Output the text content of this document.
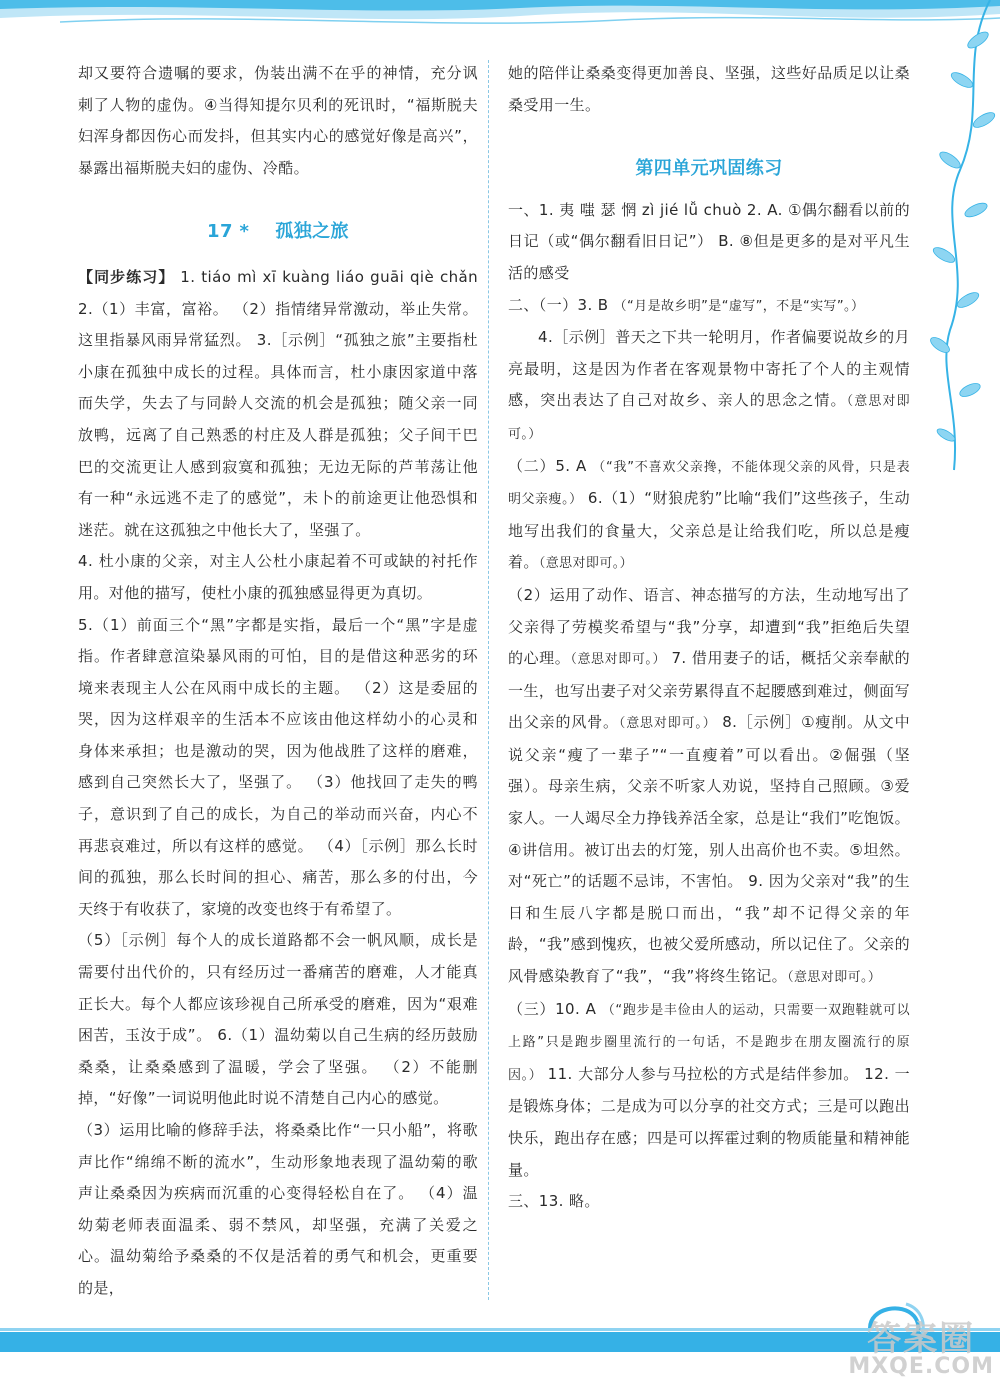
却又要符合遗嘱的要求，伪装出满不在乎的神情，充分讽刺了人物的虚伪。④当得知提尔贝利的死讯时，“福斯脱夫妇浑身都因伤心而发抖，但其实内心的感觉好像是高兴”，暴露出福斯脱夫妇的虚伪、冷酷。

17 * 孤独之旅

【同步练习】 1. tiáo mì xī kuàng liáo guāi qiè chǎn 2.（1）丰富，富裕。 （2）指情绪异常激动，举止失常。这里指暴风雨异常猛烈。 3.［示例］“孤独之旅”主要指杜小康在孤独中成长的过程。具体而言，杜小康因家道中落而失学，失去了与同龄人交流的机会是孤独；随父亲一同放鸭，远离了自己熟悉的村庄及人群是孤独；父子间干巴巴的交流更让人感到寂寞和孤独；无边无际的芦苇荡让他有一种“永远逃不走了的感觉”，未卜的前途更让他恐惧和迷茫。就在这孤独之中他长大了，坚强了。

4. 杜小康的父亲，对主人公杜小康起着不可或缺的衬托作用。对他的描写，使杜小康的孤独感显得更为真切。

5.（1）前面三个“黑”字都是实指，最后一个“黑”字是虚指。作者肆意渲染暴风雨的可怕，目的是借这种恶劣的环境来表现主人公在风雨中成长的主题。 （2）这是委屈的哭，因为这样艰辛的生活本不应该由他这样幼小的心灵和身体来承担；也是激动的哭，因为他战胜了这样的磨难，感到自己突然长大了，坚强了。 （3）他找回了走失的鸭子，意识到了自己的成长，为自己的举动而兴奋，内心不再悲哀难过，所以有这样的感觉。 （4）［示例］那么长时间的孤独，那么长时间的担心、痛苦，那么多的付出，今天终于有收获了，家境的改变也终于有希望了。

（5）［示例］每个人的成长道路都不会一帆风顺，成长是需要付出代价的，只有经历过一番痛苦的磨难，人才能真正长大。每个人都应该珍视自己所承受的磨难，因为“艰难困苦，玉汝于成”。 6.（1）温幼菊以自己生病的经历鼓励桑桑，让桑桑感到了温暖，学会了坚强。 （2）不能删掉，“好像”一词说明他此时说不清楚自己内心的感觉。

（3）运用比喻的修辞手法，将桑桑比作“一只小船”，将歌声比作“绵绵不断的流水”，生动形象地表现了温幼菊的歌声让桑桑因为疾病而沉重的心变得轻松自在了。 （4）温幼菊老师表面温柔、弱不禁风，却坚强，充满了关爱之心。温幼菊给予桑桑的不仅是活着的勇气和机会，更重要的是，

她的陪伴让桑桑变得更加善良、坚强，这些好品质足以让桑桑受用一生。

第四单元巩固练习

一、1. 夷 嗤 瑟 惘 zì jié lǚ chuò 2. A. ①偶尔翻看以前的日记（或“偶尔翻看旧日记”） B. ⑧但是更多的是对平凡生活的感受

二、（一）3. B （“月是故乡明”是“虚写”，不是“实写”。）

4.［示例］普天之下共一轮明月，作者偏要说故乡的月亮最明，这是因为作者在客观景物中寄托了个人的主观情感，突出表达了自己对故乡、亲人的思念之情。（意思对即可。）

（二）5. A （“我”不喜欢父亲搀，不能体现父亲的风骨，只是表明父亲瘦。） 6.（1）“财狼虎豹”比喻“我们”这些孩子，生动地写出我们的食量大，父亲总是让给我们吃，所以总是瘦着。（意思对即可。）

（2）运用了动作、语言、神态描写的方法，生动地写出了父亲得了劳模奖希望与“我”分享，却遭到“我”拒绝后失望的心理。（意思对即可。） 7. 借用妻子的话，概括父亲奉献的一生，也写出妻子对父亲劳累得直不起腰感到难过，侧面写出父亲的风骨。（意思对即可。） 8.［示例］①瘦削。从文中说父亲“瘦了一辈子”“一直瘦着”可以看出。②倔强（坚强）。母亲生病，父亲不听家人劝说，坚持自己照顾。③爱家人。一人竭尽全力挣钱养活全家，总是让“我们”吃饱饭。④讲信用。被订出去的灯笼，别人出高价也不卖。⑤坦然。对“死亡”的话题不忌讳，不害怕。 9. 因为父亲对“我”的生日和生辰八字都是脱口而出，“我”却不记得父亲的年龄，“我”感到愧疚，也被父爱所感动，所以记住了。父亲的风骨感染教育了“我”，“我”将终生铭记。（意思对即可。）

（三）10. A （“跑步是丰俭由人的运动，只需要一双跑鞋就可以上路”只是跑步圈里流行的一句话，不是跑步在朋友圈流行的原因。） 11. 大部分人参与马拉松的方式是结伴参加。 12. 一是锻炼身体；二是成为可以分享的社交方式；三是可以跑出快乐，跑出存在感；四是可以挥霍过剩的物质能量和精神能量。

三、13. 略。

答案圈
MXQE.COM
